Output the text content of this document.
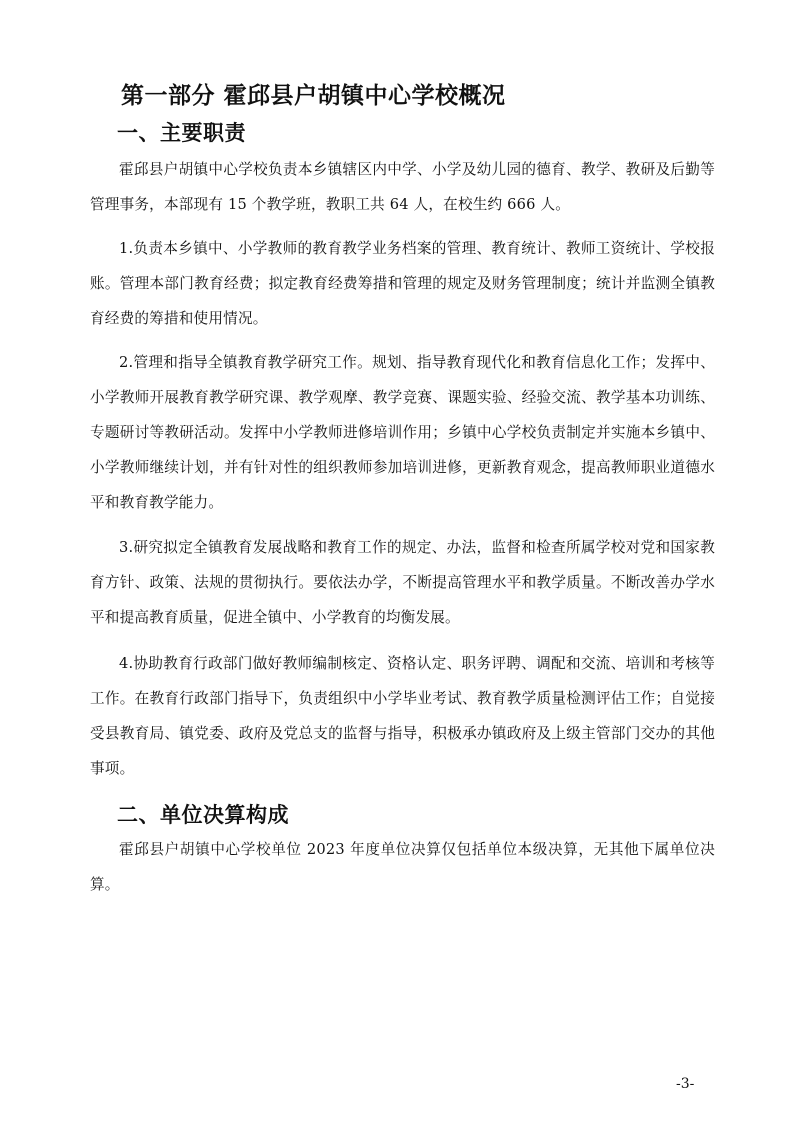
第一部分 霍邱县户胡镇中心学校概况
一、主要职责

霍邱县户胡镇中心学校负责本乡镇辖区内中学、小学及幼儿园的德育、教学、教研及后勤等管理事务，本部现有 15 个教学班，教职工共 64 人，在校生约 666 人。

1.负责本乡镇中、小学教师的教育教学业务档案的管理、教育统计、教师工资统计、学校报账。管理本部门教育经费；拟定教育经费筹措和管理的规定及财务管理制度；统计并监测全镇教育经费的筹措和使用情况。

2.管理和指导全镇教育教学研究工作。规划、指导教育现代化和教育信息化工作；发挥中、小学教师开展教育教学研究课、教学观摩、教学竞赛、课题实验、经验交流、教学基本功训练、专题研讨等教研活动。发挥中小学教师进修培训作用；乡镇中心学校负责制定并实施本乡镇中、小学教师继续计划，并有针对性的组织教师参加培训进修，更新教育观念，提高教师职业道德水平和教育教学能力。

3.研究拟定全镇教育发展战略和教育工作的规定、办法，监督和检查所属学校对党和国家教育方针、政策、法规的贯彻执行。要依法办学，不断提高管理水平和教学质量。不断改善办学水平和提高教育质量，促进全镇中、小学教育的均衡发展。

4.协助教育行政部门做好教师编制核定、资格认定、职务评聘、调配和交流、培训和考核等工作。在教育行政部门指导下，负责组织中小学毕业考试、教育教学质量检测评估工作；自觉接受县教育局、镇党委、政府及党总支的监督与指导，积极承办镇政府及上级主管部门交办的其他事项。

二、单位决算构成

霍邱县户胡镇中心学校单位 2023 年度单位决算仅包括单位本级决算，无其他下属单位决算。

-3-
